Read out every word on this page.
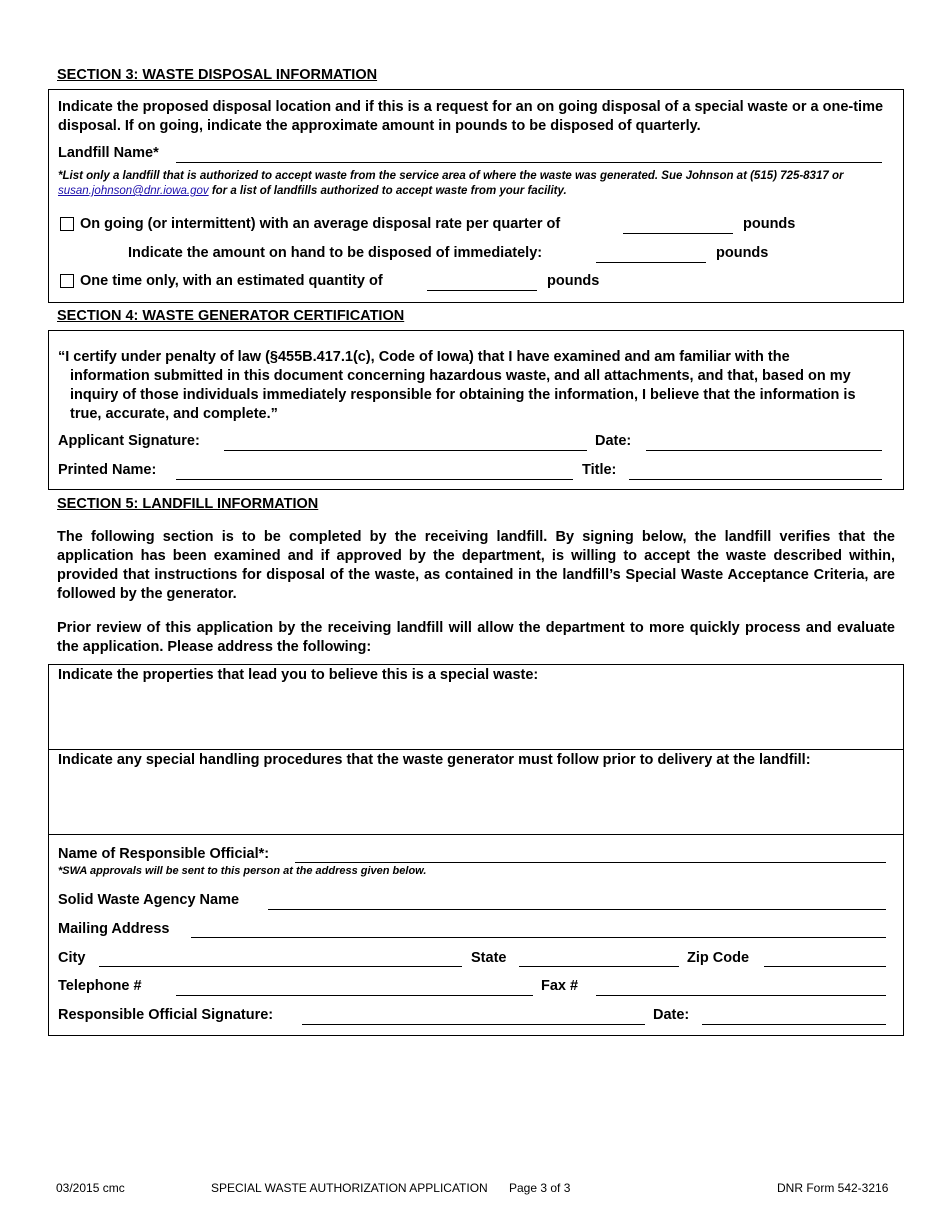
SECTION 3: WASTE DISPOSAL INFORMATION
Indicate the proposed disposal location and if this is a request for an on going disposal of a special waste or a one-time disposal. If on going, indicate the approximate amount in pounds to be disposed of quarterly.
Landfill Name*
*List only a landfill that is authorized to accept waste from the service area of where the waste was generated. Sue Johnson at (515) 725-8317 or susan.johnson@dnr.iowa.gov for a list of landfills authorized to accept waste from your facility.
On going (or intermittent) with an average disposal rate per quarter of	pounds
Indicate the amount on hand to be disposed of immediately:	pounds
One time only, with an estimated quantity of	pounds
SECTION 4: WASTE GENERATOR CERTIFICATION
“I certify under penalty of law (§455B.417.1(c), Code of Iowa) that I have examined and am familiar with the information submitted in this document concerning hazardous waste, and all attachments, and that, based on my inquiry of those individuals immediately responsible for obtaining the information, I believe that the information is true, accurate, and complete.”
Applicant Signature:	Date:
Printed Name:	Title:
SECTION 5: LANDFILL INFORMATION
The following section is to be completed by the receiving landfill. By signing below, the landfill verifies that the application has been examined and if approved by the department, is willing to accept the waste described within, provided that instructions for disposal of the waste, as contained in the landfill’s Special Waste Acceptance Criteria, are followed by the generator.
Prior review of this application by the receiving landfill will allow the department to more quickly process and evaluate the application. Please address the following:
Indicate the properties that lead you to believe this is a special waste:
Indicate any special handling procedures that the waste generator must follow prior to delivery at the landfill:
Name of Responsible Official*:
*SWA approvals will be sent to this person at the address given below.
Solid Waste Agency Name
Mailing Address
City	State	Zip Code
Telephone #	Fax #
Responsible Official Signature:	Date:
03/2015 cmc	SPECIAL WASTE AUTHORIZATION APPLICATION Page 3 of 3	DNR Form 542-3216
